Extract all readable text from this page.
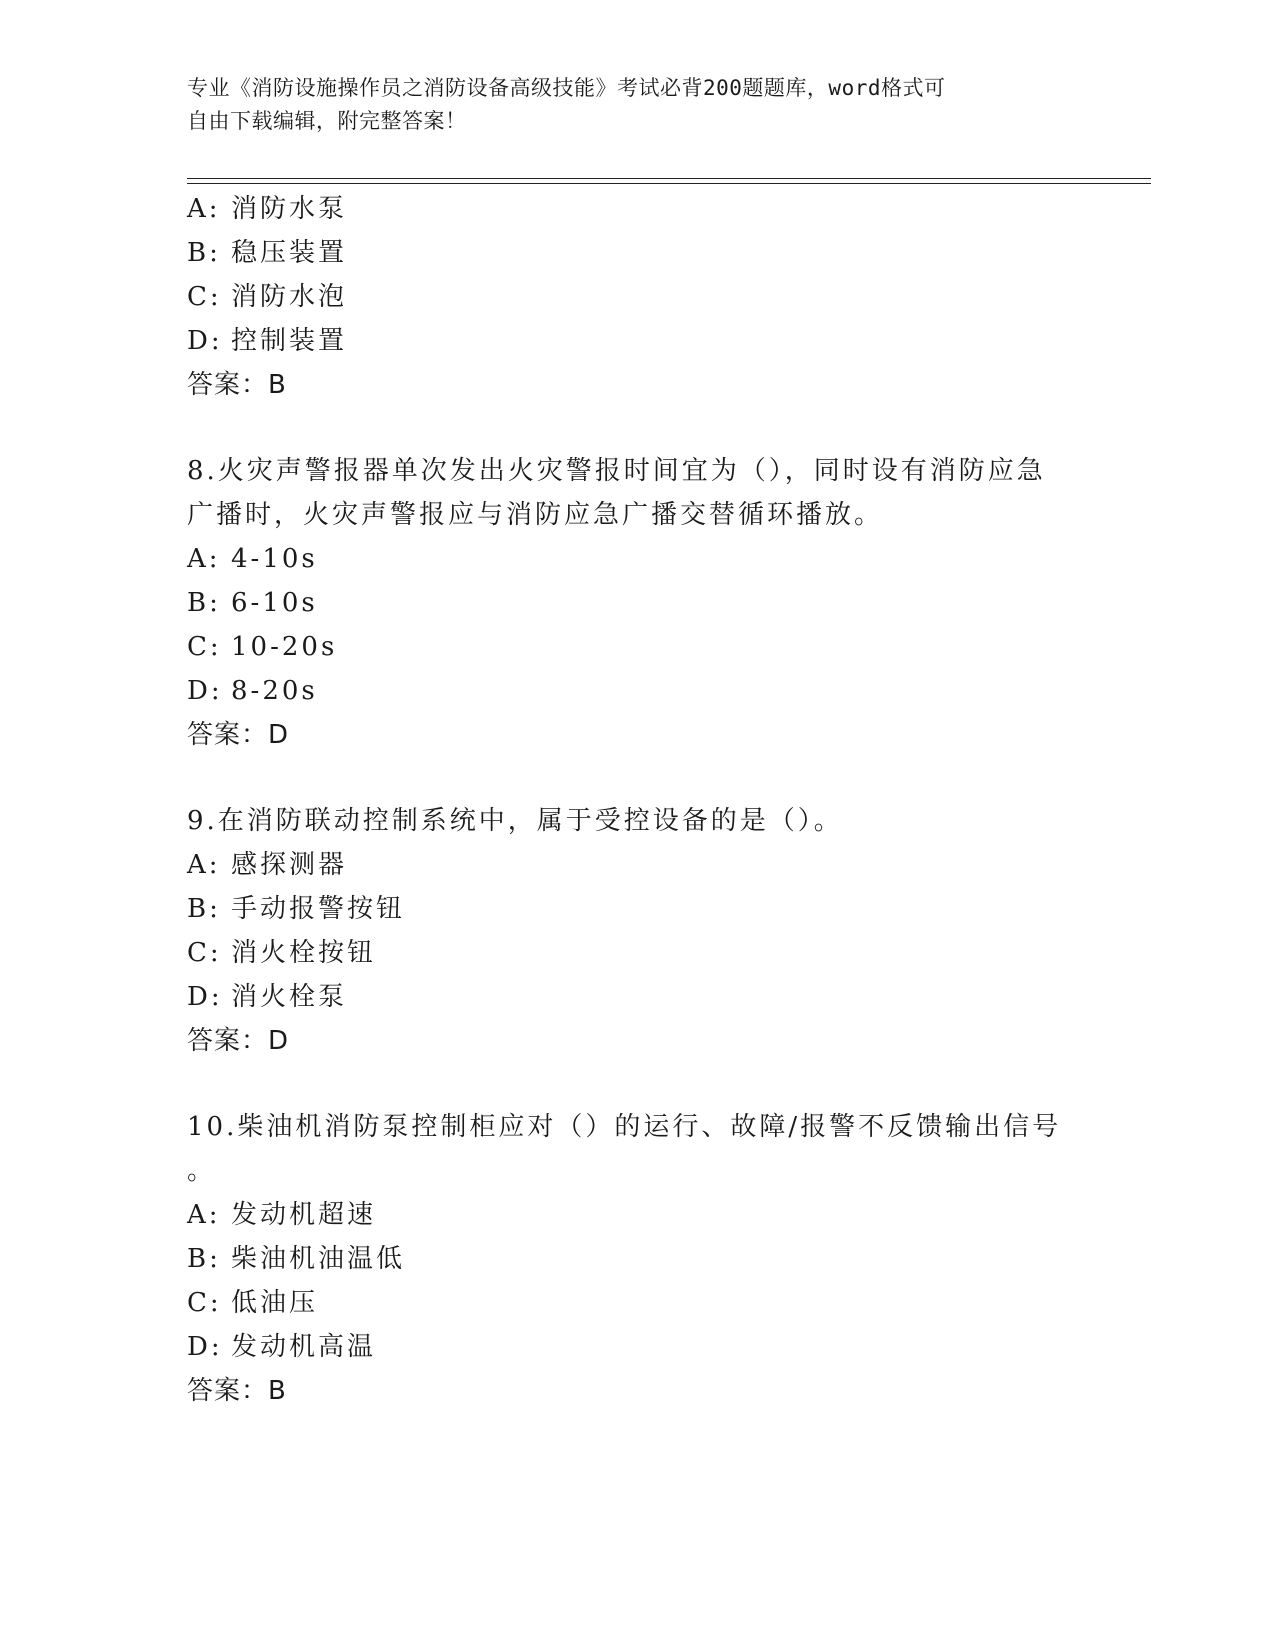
专业《消防设施操作员之消防设备高级技能》考试必背200题题库，word格式可
自由下载编辑，附完整答案！
A: 消防水泵
B: 稳压装置
C: 消防水泡
D: 控制装置
答案：B
8.火灾声警报器单次发出火灾警报时间宜为（），同时设有消防应急
广播时，火灾声警报应与消防应急广播交替循环播放。
A: 4-10s
B: 6-10s
C: 10-20s
D: 8-20s
答案：D
9.在消防联动控制系统中，属于受控设备的是（）。
A: 感探测器
B: 手动报警按钮
C: 消火栓按钮
D: 消火栓泵
答案：D
10.柴油机消防泵控制柜应对（）的运行、故障/报警不反馈输出信号
。
A: 发动机超速
B: 柴油机油温低
C: 低油压
D: 发动机高温
答案：B
